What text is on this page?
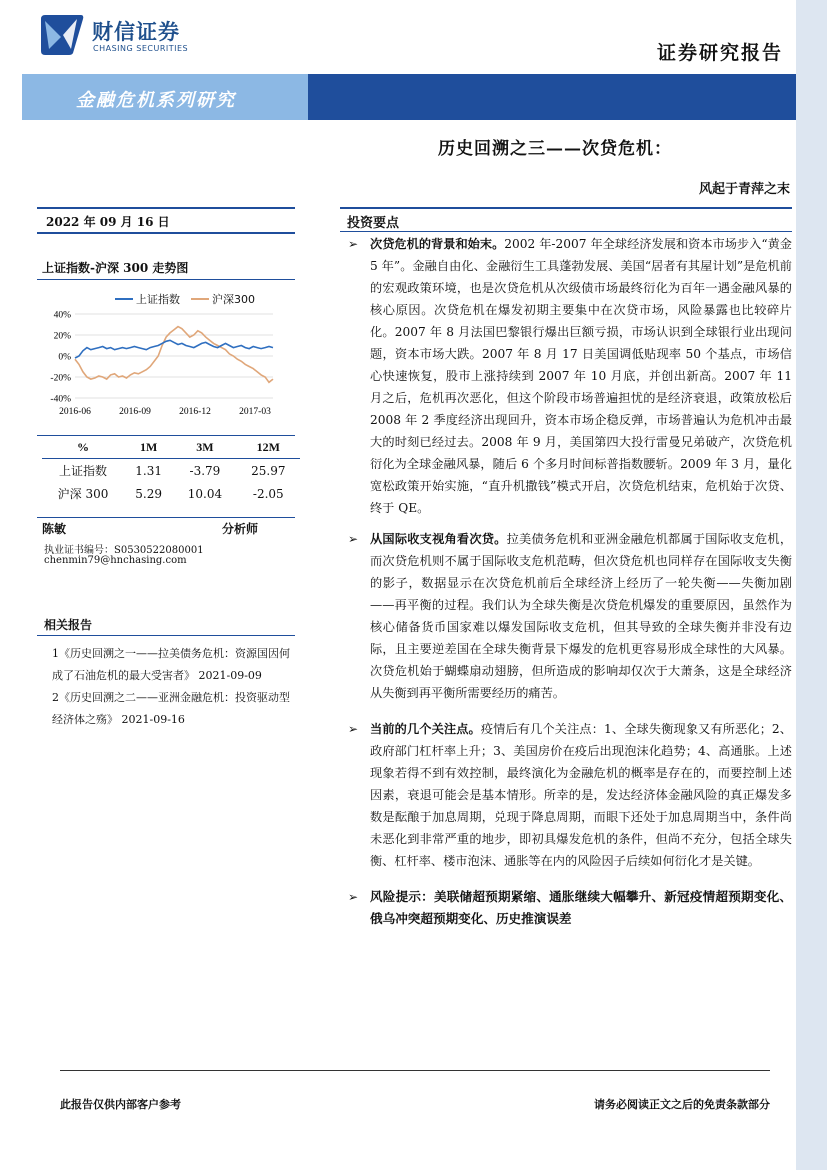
财信证券
CHASING SECURITIES	证券研究报告
金融危机系列研究
历史回溯之三——次贷危机：
风起于青萍之末
2022 年 09 月 16 日	投资要点
上证指数-沪深 300 走势图
上证指数	沪深300
40%
20%
0%
-20%
-40%
2016-06	2016-09	2016-12	2017-03
%	1M	3M	12M
上证指数	1.31	-3.79	25.97
沪深 300	5.29	10.04	-2.05
陈敏	分析师
执业证书编号：S0530522080001
chenmin79@hnchasing.com
相关报告
1《历史回溯之一——拉美债务危机：资源国因何成了石油危机的最大受害者》 2021-09-09
2《历史回溯之二——亚洲金融危机：投资驱动型经济体之殇》 2021-09-16
➢ 次贷危机的背景和始末。2002 年-2007 年全球经济发展和资本市场步入“黄金 5 年”。金融自由化、金融衍生工具蓬勃发展、美国“居者有其屋计划”是危机前的宏观政策环境，也是次贷危机从次级债市场最终衍化为百年一遇金融风暴的核心原因。次贷危机在爆发初期主要集中在次贷市场，风险暴露也比较碎片化。2007 年 8 月法国巴黎银行爆出巨额亏损，市场认识到全球银行业出现问题，资本市场大跌。2007 年 8 月 17 日美国调低贴现率 50 个基点，市场信心快速恢复，股市上涨持续到 2007 年 10 月底，并创出新高。2007 年 11 月之后，危机再次恶化，但这个阶段市场普遍担忧的是经济衰退，政策放松后 2008 年 2 季度经济出现回升，资本市场企稳反弹，市场普遍认为危机冲击最大的时刻已经过去。2008 年 9 月，美国第四大投行雷曼兄弟破产，次贷危机衍化为全球金融风暴，随后 6 个多月时间标普指数腰斩。2009 年 3 月，量化宽松政策开始实施，“直升机撒钱”模式开启，次贷危机结束，危机始于次贷、终于 QE。
➢ 从国际收支视角看次贷。拉美债务危机和亚洲金融危机都属于国际收支危机，而次贷危机则不属于国际收支危机范畴，但次贷危机也同样存在国际收支失衡的影子，数据显示在次贷危机前后全球经济上经历了一轮失衡——失衡加剧——再平衡的过程。我们认为全球失衡是次贷危机爆发的重要原因，虽然作为核心储备货币国家难以爆发国际收支危机，但其导致的全球失衡并非没有边际，且主要逆差国在全球失衡背景下爆发的危机更容易形成全球性的大风暴。次贷危机始于蝴蝶扇动翅膀，但所造成的影响却仅次于大萧条，这是全球经济从失衡到再平衡所需要经历的痛苦。
➢ 当前的几个关注点。疫情后有几个关注点：1、全球失衡现象又有所恶化；2、政府部门杠杆率上升；3、美国房价在疫后出现泡沫化趋势；4、高通胀。上述现象若得不到有效控制，最终演化为金融危机的概率是存在的，而要控制上述因素，衰退可能会是基本情形。所幸的是，发达经济体金融风险的真正爆发多数是酝酿于加息周期，兑现于降息周期，而眼下还处于加息周期当中，条件尚未恶化到非常严重的地步，即初具爆发危机的条件，但尚不充分，包括全球失衡、杠杆率、楼市泡沫、通胀等在内的风险因子后续如何衍化才是关键。
➢ 风险提示：美联储超预期紧缩、通胀继续大幅攀升、新冠疫情超预期变化、俄乌冲突超预期变化、历史推演误差
此报告仅供内部客户参考	请务必阅读正文之后的免责条款部分
